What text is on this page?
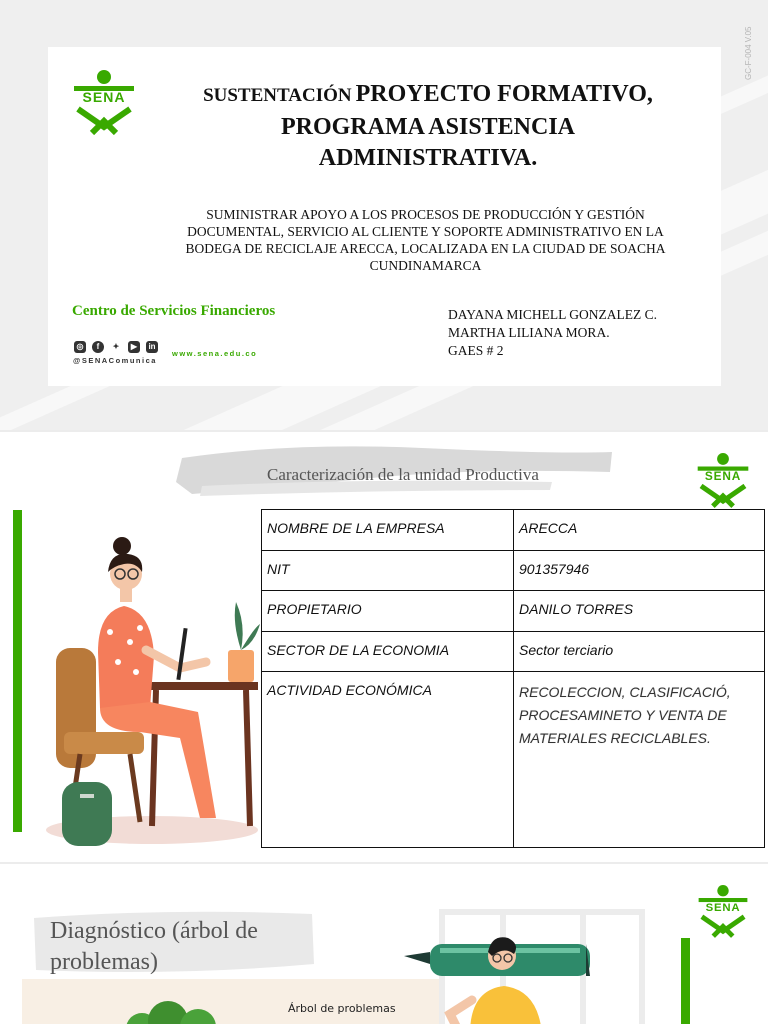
GC-F-004 V.05
SENA	SUSTENTACIÓN PROYECTO FORMATIVO,
PROGRAMA ASISTENCIA
ADMINISTRATIVA.
SUMINISTRAR APOYO A LOS PROCESOS DE PRODUCCIÓN Y GESTIÓN
DOCUMENTAL, SERVICIO AL CLIENTE Y SOPORTE ADMINISTRATIVO EN LA
BODEGA DE RECICLAJE ARECCA, LOCALIZADA EN LA CIUDAD DE SOACHA
CUNDINAMARCA
Centro de Servicios Financieros	DAYANA MICHELL GONZALEZ C.
MARTHA LILIANA MORA.
GAES # 2
◎	f	✦	▶	in
@SENAComunica
www.sena.edu.co
Caracterización de la unidad Productiva	SENA
NOMBRE DE LA EMPRESA	ARECCA
NIT	901357946
PROPIETARIO	DANILO TORRES
SECTOR DE LA ECONOMIA	Sector terciario
ACTIVIDAD ECONÓMICA	RECOLECCION, CLASIFICACIÓ,
PROCESAMINETO Y VENTA DE
MATERIALES RECICLABLES.
Diagnóstico (árbol de
problemas)
Árbol de problemas
SENA
